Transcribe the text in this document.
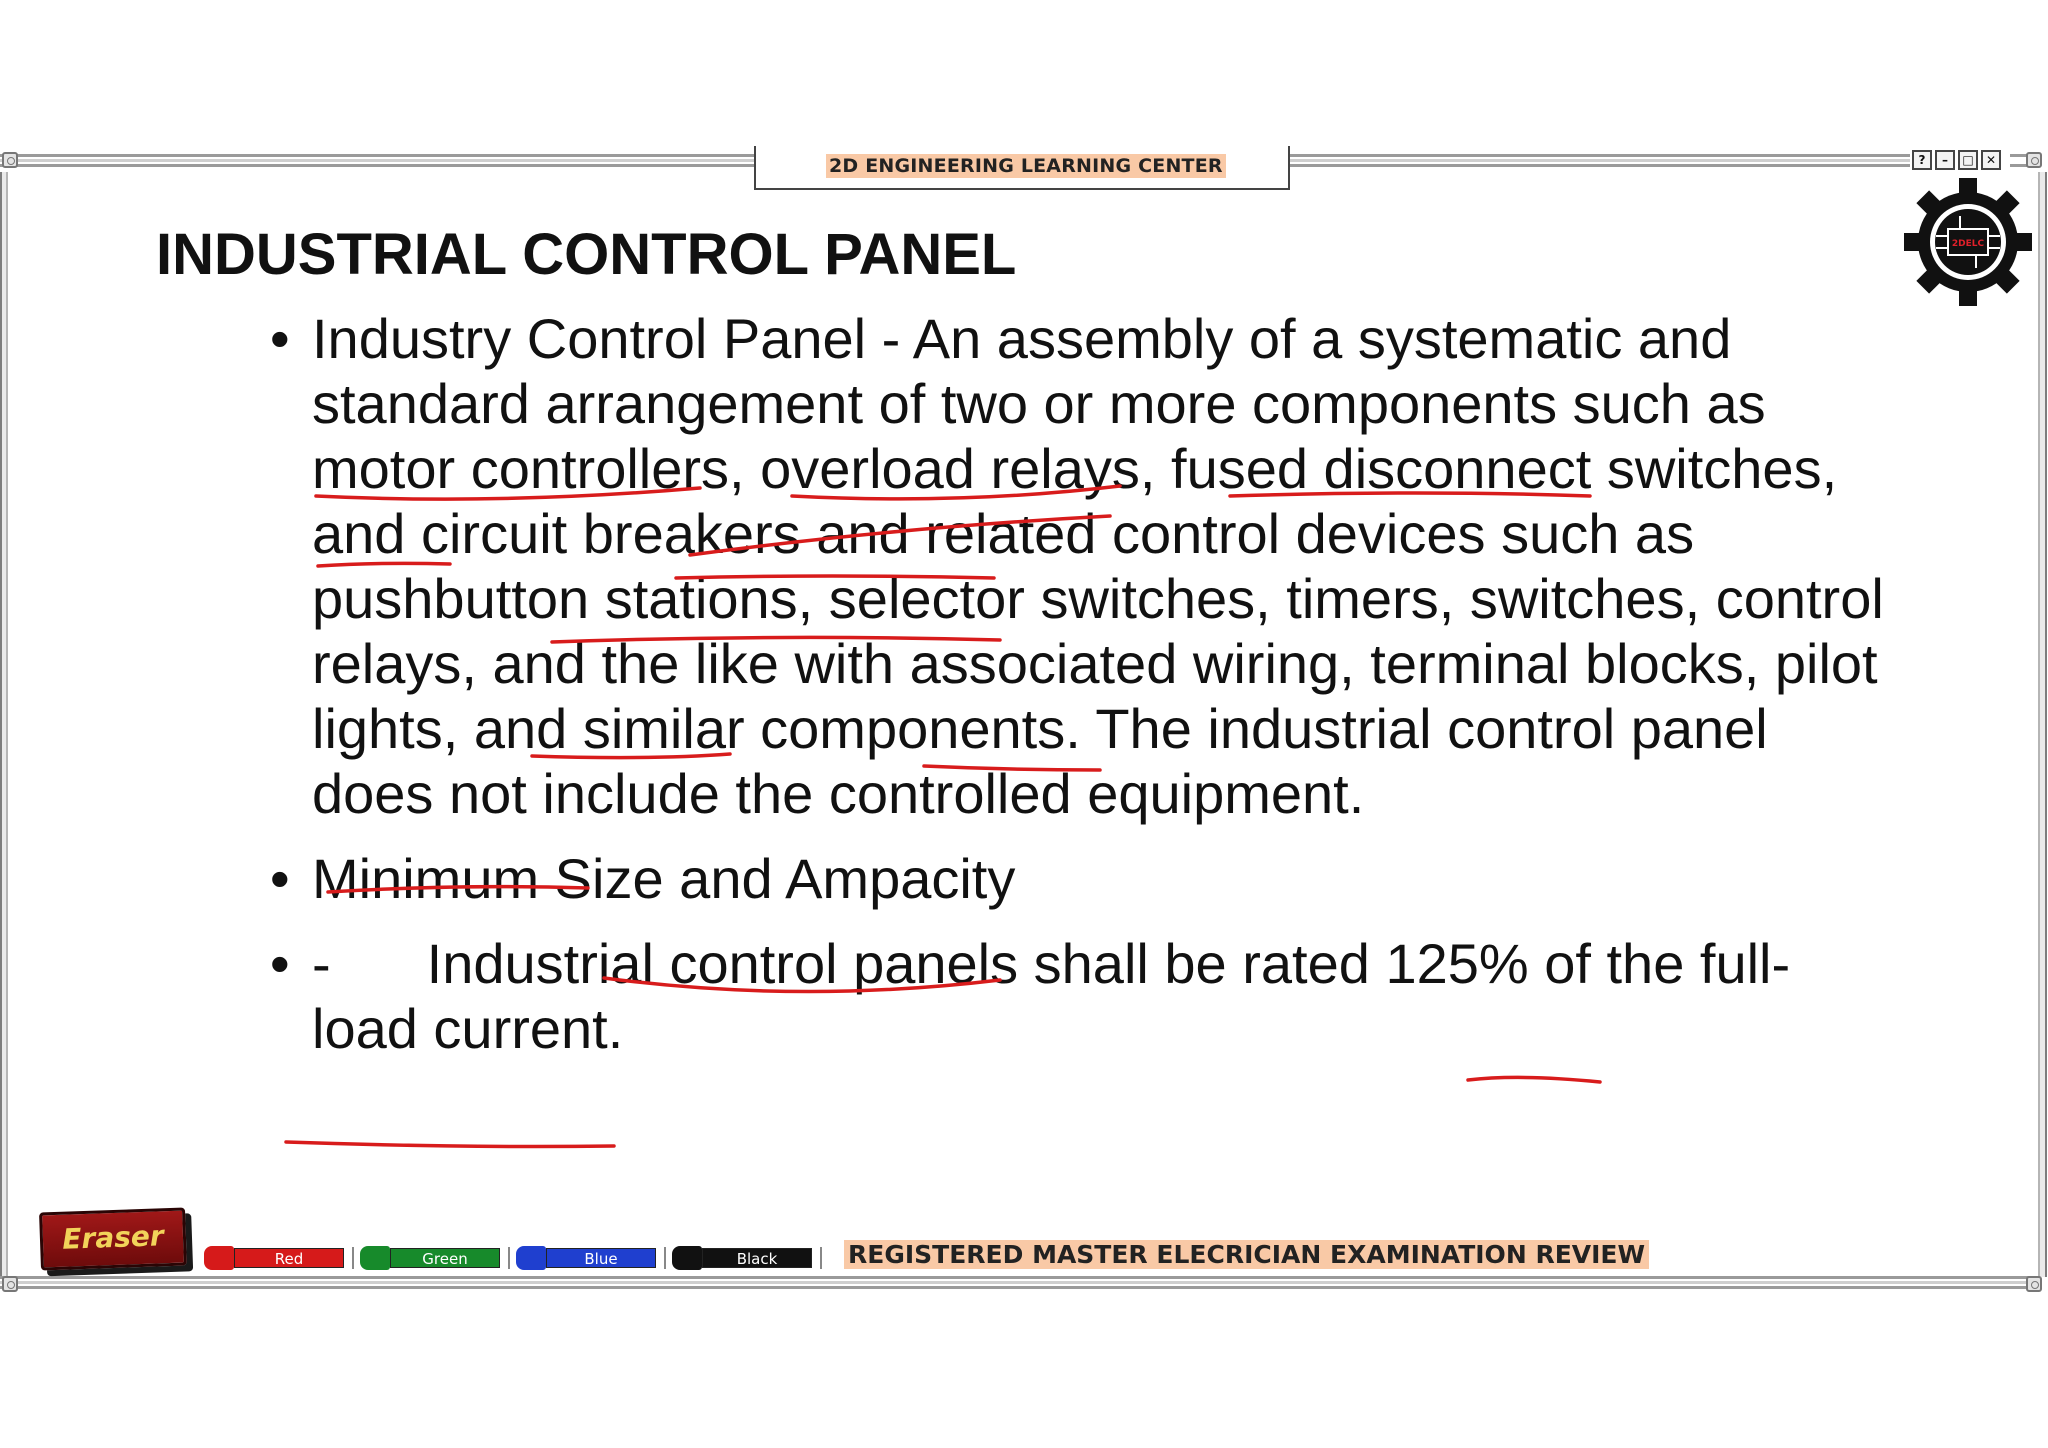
2D ENGINEERING LEARNING CENTER	?	–	□	✕
2DELC
INDUSTRIAL CONTROL PANEL
• Industry Control Panel - An assembly of a systematic and standard arrangement of two or more components such as motor controllers, overload relays, fused disconnect switches, and circuit breakers and related control devices such as pushbutton stations, selector switches, timers, switches, control relays, and the like with associated wiring, terminal blocks, pilot lights, and similar components. The industrial control panel does not include the controlled equipment.
• Minimum Size and Ampacity
• - Industrial control panels shall be rated 125% of the full-load current.
Eraser
Red	Green	Blue	Black	REGISTERED MASTER ELECRICIAN EXAMINATION REVIEW
